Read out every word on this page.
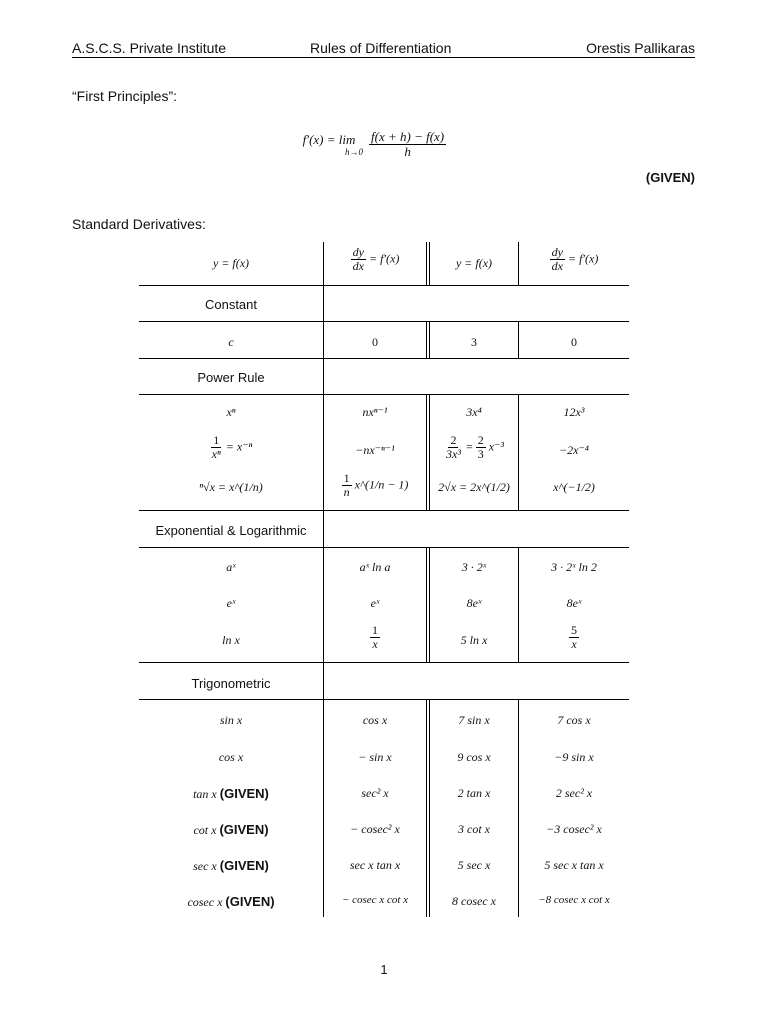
A.S.C.S. Private Institute	Rules of Differentiation	Orestis Pallikaras
“First Principles”:
f′(x) = lim
$h\to 0 \frac{f(x + h) - f(x)}{h}$
(GIVEN)
Standard Derivatives:
y = f(x)	$\frac{dy}{dx} = f'(x)$	y = f(x)	$\frac{dy}{dx} = f'(x)$
Constant
c	0	3	0
Power Rule
xⁿ	nxⁿ⁻¹	3x⁴	12x³
$\frac{1}{\text{xⁿ}} = x^{-n}$	−nx⁻ⁿ⁻¹	$\frac{2}{\text{3x³}} = \frac{2}{3} x^{-3}$	−2x⁻⁴
ⁿ√x = x^(1/n)	$\frac{1}{n}$ x^(1/n − 1)	2√x = 2x^(1/2)	x^(−1/2)
Exponential & Logarithmic
aˣ	aˣ ln a	3 · 2ˣ	3 · 2ˣ ln 2
eˣ	eˣ	8eˣ	8eˣ
ln x	$\frac{1}{x}$	5 ln x	$\frac{5}{x}$
Trigonometric
sin x	cos x	7 sin x	7 cos x
cos x	− sin x	9 cos x	−9 sin x
tan x (GIVEN)	sec² x	2 tan x	2 sec² x
cot x (GIVEN)	− cosec² x	3 cot x	−3 cosec² x
sec x (GIVEN)	sec x tan x	5 sec x	5 sec x tan x
cosec x (GIVEN)	− cosec x cot x	8 cosec x	−8 cosec x cot x
1
